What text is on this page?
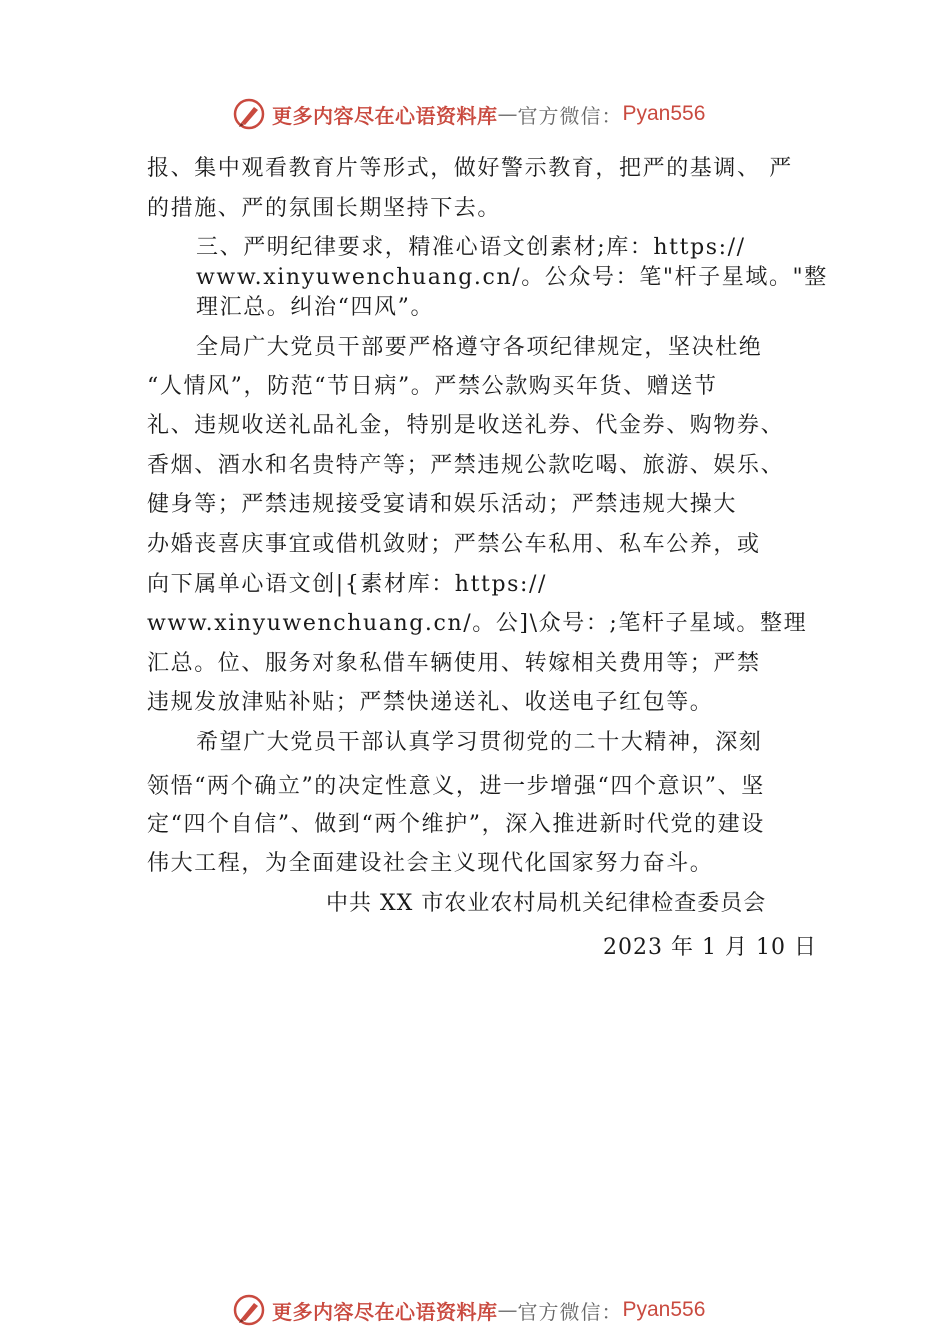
更多内容尽在心语资料库 — 官方微信： Pyan556
报、集中观看教育片等形式，做好警示教育，把严的基调、 严
的措施、严的氛围长期坚持下去。
三、严明纪律要求，精准心语文创素材;库：https://
www.xinyuwenchuang.cn/。公众号：笔"杆子星域。"整
理汇总。纠治“四风”。
全局广大党员干部要严格遵守各项纪律规定，坚决杜绝
“人情风”，防范“节日病”。严禁公款购买年货、赠送节
礼、违规收送礼品礼金，特别是收送礼券、代金券、购物券、
香烟、酒水和名贵特产等；严禁违规公款吃喝、旅游、娱乐、
健身等；严禁违规接受宴请和娱乐活动；严禁违规大操大
办婚丧喜庆事宜或借机敛财；严禁公车私用、私车公养，或
向下属单心语文创|{素材库：https://
www.xinyuwenchuang.cn/。公]\众号：;笔杆子星域。整理
汇总。位、服务对象私借车辆使用、转嫁相关费用等；严禁
违规发放津贴补贴；严禁快递送礼、收送电子红包等。
希望广大党员干部认真学习贯彻党的二十大精神，深刻
领悟“两个确立”的决定性意义，进一步增强“四个意识”、坚
定“四个自信”、做到“两个维护”，深入推进新时代党的建设
伟大工程，为全面建设社会主义现代化国家努力奋斗。
中共 XX 市农业农村局机关纪律检查委员会
2023 年 1 月 10 日
更多内容尽在心语资料库 — 官方微信： Pyan556
